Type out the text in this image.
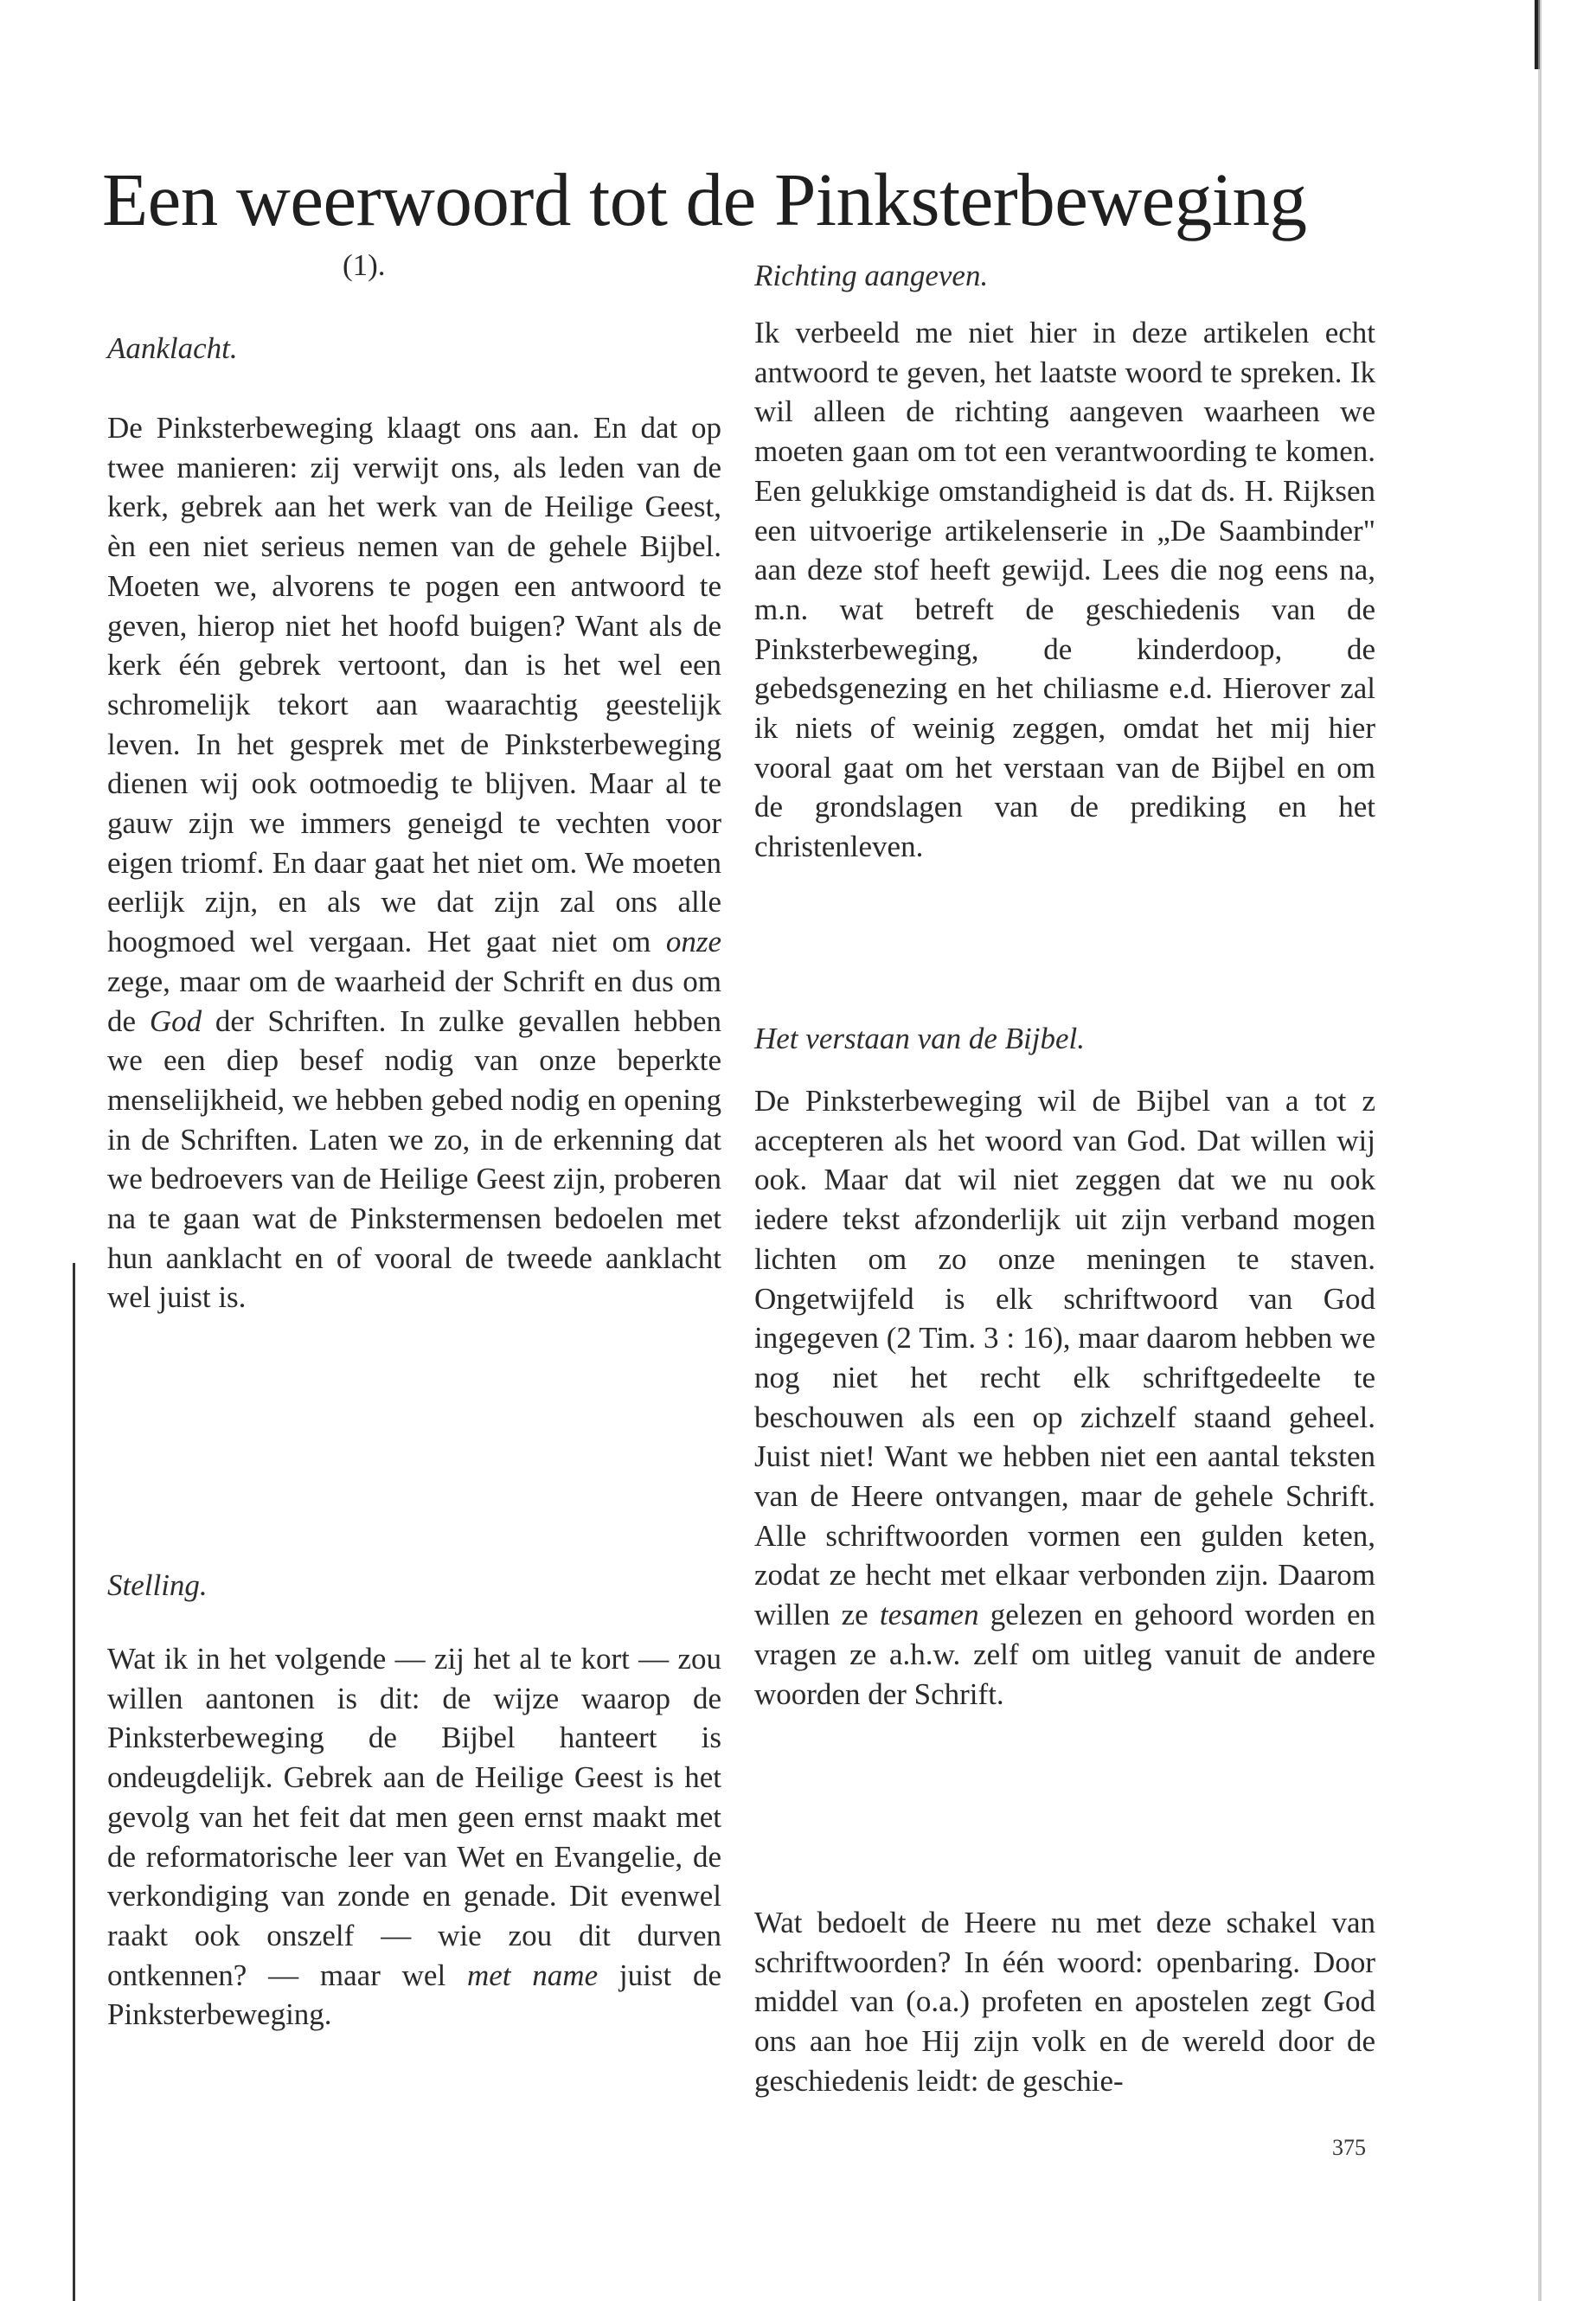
Een weerwoord tot de Pinksterbeweging
(1).
Aanklacht.

De Pinksterbeweging klaagt ons aan. En dat op twee manieren: zij verwijt ons, als leden van de kerk, gebrek aan het werk van de Heilige Geest, èn een niet serieus nemen van de gehele Bijbel. Moeten we, alvorens te pogen een antwoord te geven, hierop niet het hoofd buigen? Want als de kerk één gebrek vertoont, dan is het wel een schromelijk tekort aan waarachtig geestelijk leven. In het gesprek met de Pinksterbeweging dienen wij ook ootmoedig te blijven. Maar al te gauw zijn we immers geneigd te vechten voor eigen triomf. En daar gaat het niet om. We moeten eerlijk zijn, en als we dat zijn zal ons alle hoogmoed wel vergaan. Het gaat niet om onze zege, maar om de waarheid der Schrift en dus om de God der Schriften. In zulke gevallen hebben we een diep besef nodig van onze beperkte menselijkheid, we hebben gebed nodig en opening in de Schriften. Laten we zo, in de erkenning dat we bedroevers van de Heilige Geest zijn, proberen na te gaan wat de Pinkstermensen bedoelen met hun aanklacht en of vooral de tweede aanklacht wel juist is.

Stelling.

Wat ik in het volgende — zij het al te kort — zou willen aantonen is dit: de wijze waarop de Pinksterbeweging de Bijbel hanteert is ondeugdelijk. Gebrek aan de Heilige Geest is het gevolg van het feit dat men geen ernst maakt met de reformatorische leer van Wet en Evangelie, de verkondiging van zonde en genade. Dit evenwel raakt ook onszelf — wie zou dit durven ontkennen? — maar wel met name juist de Pinksterbeweging.

Richting aangeven.

Ik verbeeld me niet hier in deze artikelen echt antwoord te geven, het laatste woord te spreken. Ik wil alleen de richting aangeven waarheen we moeten gaan om tot een verantwoording te komen. Een gelukkige omstandigheid is dat ds. H. Rijksen een uitvoerige artikelenserie in „De Saambinder" aan deze stof heeft gewijd. Lees die nog eens na, m.n. wat betreft de geschiedenis van de Pinksterbeweging, de kinderdoop, de gebedsgenezing en het chiliasme e.d. Hierover zal ik niets of weinig zeggen, omdat het mij hier vooral gaat om het verstaan van de Bijbel en om de grondslagen van de prediking en het christenleven.

Het verstaan van de Bijbel.

De Pinksterbeweging wil de Bijbel van a tot z accepteren als het woord van God. Dat willen wij ook. Maar dat wil niet zeggen dat we nu ook iedere tekst afzonderlijk uit zijn verband mogen lichten om zo onze meningen te staven. Ongetwijfeld is elk schriftwoord van God ingegeven (2 Tim. 3 : 16), maar daarom hebben we nog niet het recht elk schriftgedeelte te beschouwen als een op zichzelf staand geheel. Juist niet! Want we hebben niet een aantal teksten van de Heere ontvangen, maar de gehele Schrift. Alle schriftwoorden vormen een gulden keten, zodat ze hecht met elkaar verbonden zijn. Daarom willen ze tesamen gelezen en gehoord worden en vragen ze a.h.w. zelf om uitleg vanuit de andere woorden der Schrift.

Wat bedoelt de Heere nu met deze schakel van schriftwoorden? In één woord: openbaring. Door middel van (o.a.) profeten en apostelen zegt God ons aan hoe Hij zijn volk en de wereld door de geschiedenis leidt: de geschie-

375
